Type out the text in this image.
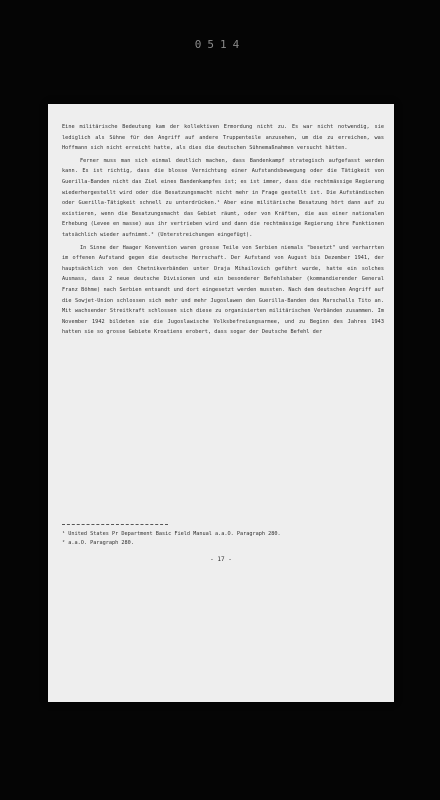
0514

Eine militärische Bedeutung kam der kollektiven Ermordung nicht zu. Es war nicht notwendig, sie lediglich als Sühne für den Angriff auf andere Truppenteile anzusehen, um die zu erreichen, was Hoffmann sich nicht erreicht hatte, als dies die deutschen Sühnemaßnahmen versucht hätten.

Ferner muss man sich einmal deutlich machen, dass Bandenkampf strategisch aufgefasst werden kann. Es ist richtig, dass die blosse Vernichtung einer Aufstandsbewegung oder die Tätigkeit von Guerilla-Banden nicht das Ziel eines Bandenkampfes ist; es ist immer, dass die rechtmässige Regierung wiederhergestellt wird oder die Besatzungsmacht nicht mehr in Frage gestellt ist. Die Aufständischen oder Guerilla-Tätigkeit schnell zu unterdrücken.¹ Aber eine militärische Besatzung hört dann auf zu existieren, wenn die Besatzungsmacht das Gebiet räumt, oder von Kräften, die aus einer nationalen Erhebung (Levee en masse) aus ihr vertrieben wird und dann die rechtmässige Regierung ihre Funktionen tatsächlich wieder aufnimmt.² (Unterstreichungen eingefügt).

In Sinne der Haager Konvention waren grosse Teile von Serbien niemals "besetzt" und verharrten im offenen Aufstand gegen die deutsche Herrschaft. Der Aufstand von August bis Dezember 1941, der hauptsächlich von den Chetnikverbänden unter Draja Mihailovich geführt wurde, hatte ein solches Ausmass, dass 2 neue deutsche Divisionen und ein besonderer Befehlshaber (kommandierender General Franz Böhme) nach Serbien entsandt und dort eingesetzt werden mussten. Nach dem deutschen Angriff auf die Sowjet-Union schlossen sich mehr und mehr Jugoslawen den Guerilla-Banden des Marschalls Tito an. Mit wachsender Streitkraft schlossen sich diese zu organisierten militärischen Verbänden zusammen. Im November 1942 bildeten sie die Jugoslawische Volksbefreiungsarmee, und zu Beginn des Jahres 1943 hatten sie so grosse Gebiete Kroatiens erobert, dass sogar der Deutsche Befehl der

¹ United States Pr Department Basic Field Manual a.a.O. Paragraph 280.

² a.a.O. Paragraph 280.

- 17 -
